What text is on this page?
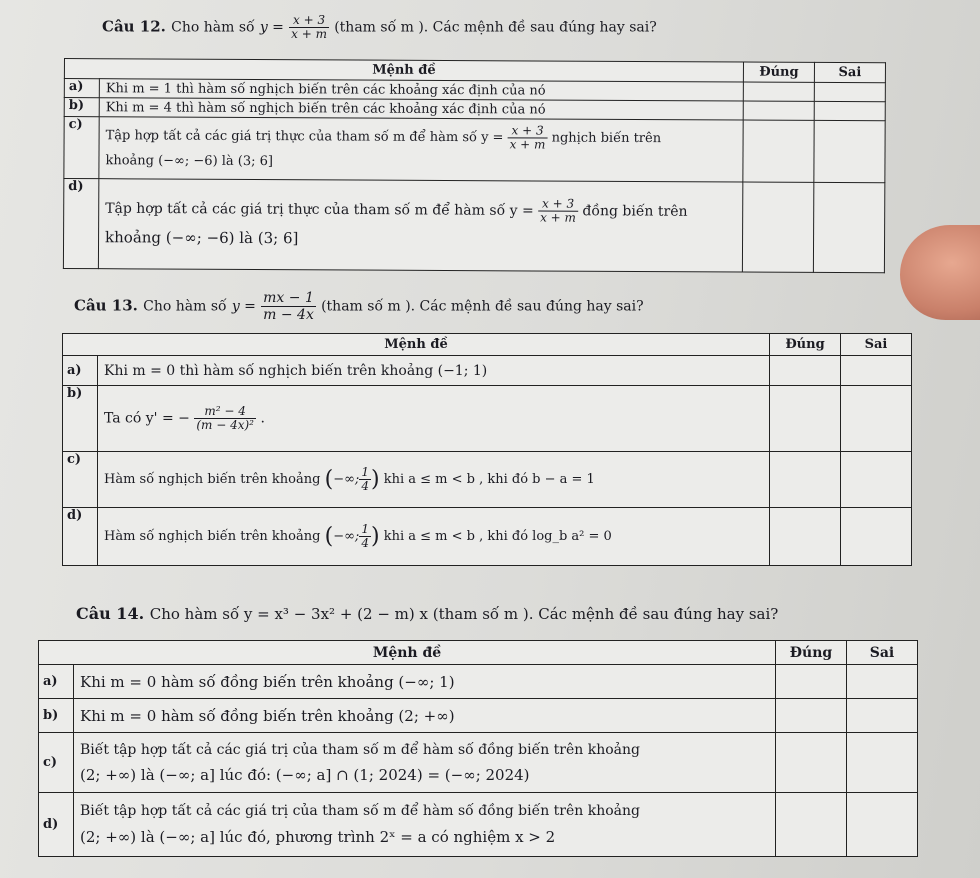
Câu 12. Cho hàm số $y = \frac{x + 3}{x + m}$ (tham số m ). Các mệnh đề sau đúng hay sai?
Mệnh đề		Đúng	Sai
a)	Khi m = 1 thì hàm số nghịch biến trên các khoảng xác định của nó		
b)	Khi m = 4 thì hàm số nghịch biến trên các khoảng xác định của nó		
c)	Tập hợp tất cả các giá trị thực của tham số m để hàm số $y = \frac{x + 3}{x + m}$ nghịch biến trên
khoảng (−∞; −6) là (3; 6]		

d)	Tập hợp tất cả các giá trị thực của tham số m để hàm số $y = \frac{x + 3}{x + m}$ đồng biến trên
khoảng (−∞; −6) là (3; 6]		

Câu 13. Cho hàm số $y = \frac{mx - 1}{m - 4x}$ (tham số m ). Các mệnh đề sau đúng hay sai?
Mệnh đề		Đúng	Sai
a)	Khi m = 0 thì hàm số nghịch biến trên khoảng (−1; 1)		
b)	Ta có y' = − $\frac{\text{m² − 4}}{\text{(m − 4x)²}}$ .		
c)	Hàm số nghịch biến trên khoảng (−∞; $\frac{1}{4}$ ) khi a ≤ m < b , khi đó b − a = 1		
d)	Hàm số nghịch biến trên khoảng (−∞; $\frac{1}{4}$ ) khi a ≤ m < b , khi đó log_b a² = 0		
Câu 14. Cho hàm số y = x³ − 3x² + (2 − m) x (tham số m ). Các mệnh đề sau đúng hay sai?
Mệnh đề		Đúng	Sai
a)	Khi m = 0 hàm số đồng biến trên khoảng (−∞; 1)		
b)	Khi m = 0 hàm số đồng biến trên khoảng (2; +∞)		
c)	Biết tập hợp tất cả các giá trị của tham số m để hàm số đồng biến trên khoảng
(2; +∞) là (−∞; a] lúc đó: (−∞; a] ∩ (1; 2024) = (−∞; 2024)		

d)	Biết tập hợp tất cả các giá trị của tham số m để hàm số đồng biến trên khoảng
(2; +∞) là (−∞; a] lúc đó, phương trình 2ˣ = a có nghiệm x > 2		
